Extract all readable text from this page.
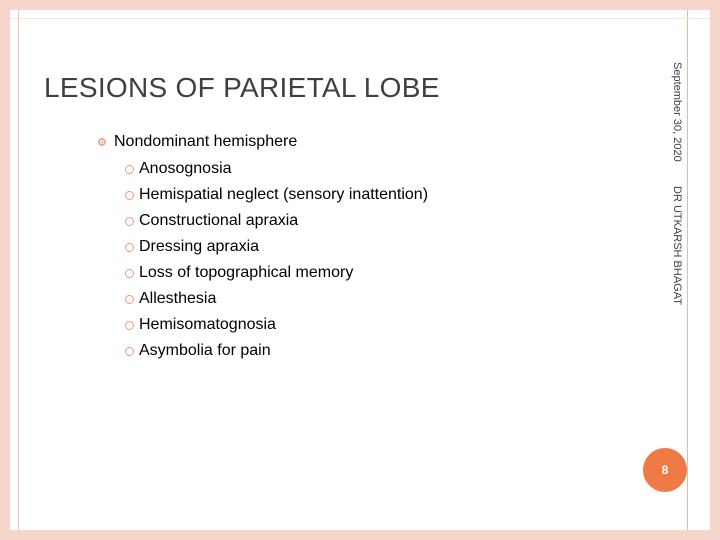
LESIONS OF PARIETAL LOBE	September 30, 2020
DR UTKARSH BHAGAT
Nondominant hemisphere
Anosognosia
Hemispatial neglect (sensory inattention)
Constructional apraxia
Dressing apraxia
Loss of topographical memory
Allesthesia
Hemisomatognosia
Asymbolia for pain
8
